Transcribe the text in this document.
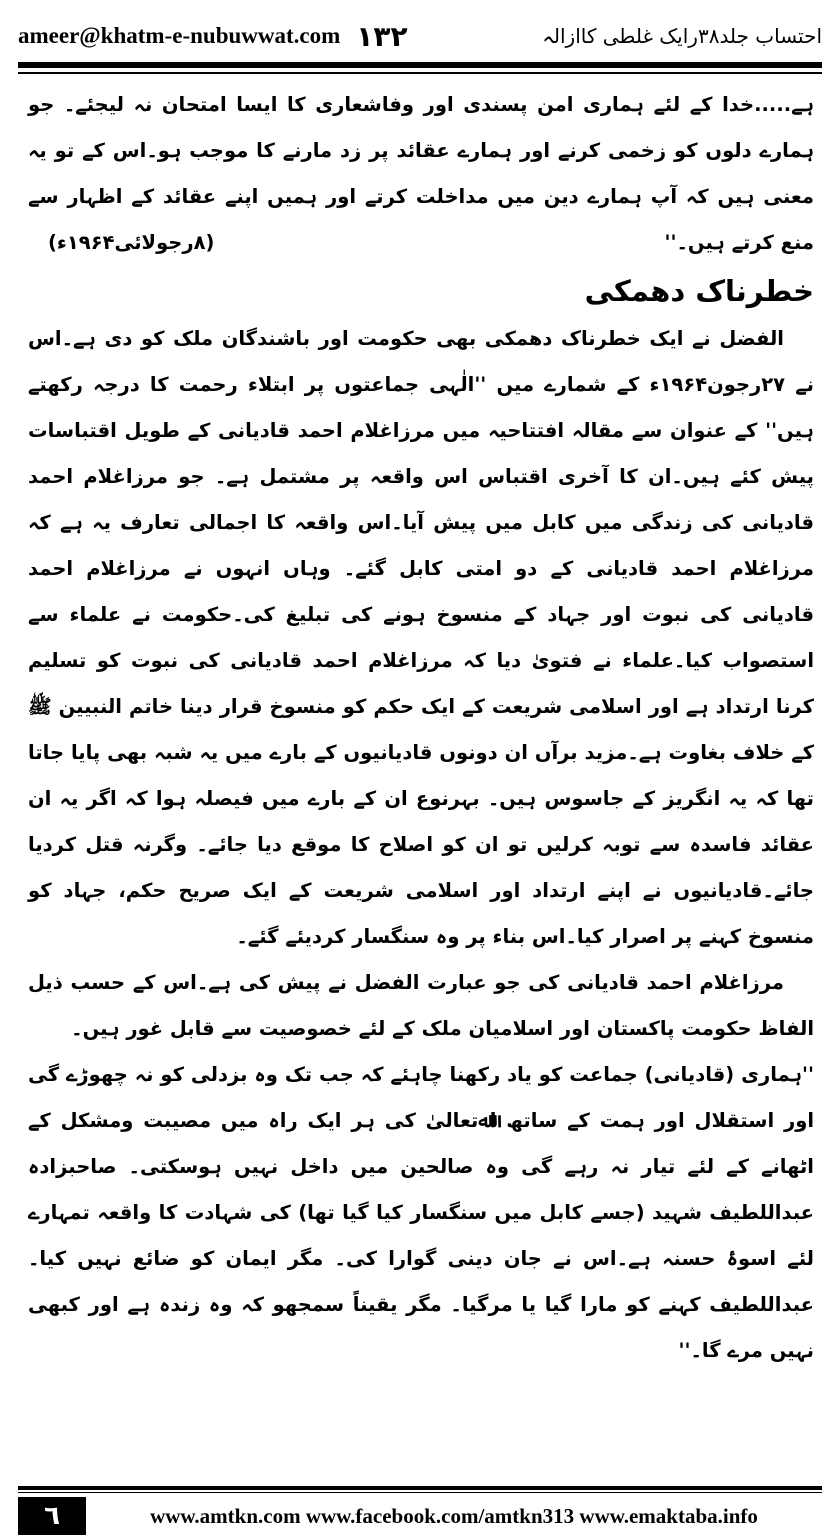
ameer@khatm-e-nubuwwat.com ۱۳۲	احتساب جلد۳۸رایک غلطی کاازالہ

ہے.....خدا کے لئے ہماری امن پسندی اور وفاشعاری کا ایسا امتحان نہ لیجئے۔ جو ہمارے دلوں کو زخمی کرنے اور ہمارے عقائد پر زد مارنے کا موجب ہو۔اس کے تو یہ معنی ہیں کہ آپ ہمارے دین میں مداخلت کرتے اور ہمیں اپنے عقائد کے اظہار سے منع کرتے ہیں۔''
(۸رجولائی۱۹۶۴ء)

خطرناک دھمکی

الفضل نے ایک خطرناک دھمکی بھی حکومت اور باشندگان ملک کو دی ہے۔اس نے ۲۷رجون۱۹۶۴ء کے شمارے میں ''الٰہی جماعتوں پر ابتلاء رحمت کا درجہ رکھتے ہیں'' کے عنوان سے مقالہ افتتاحیہ میں مرزاغلام احمد قادیانی کے طویل اقتباسات پیش کئے ہیں۔ان کا آخری اقتباس اس واقعہ پر مشتمل ہے۔ جو مرزاغلام احمد قادیانی کی زندگی میں کابل میں پیش آیا۔اس واقعہ کا اجمالی تعارف یہ ہے کہ مرزاغلام احمد قادیانی کے دو امتی کابل گئے۔ وہاں انہوں نے مرزاغلام احمد قادیانی کی نبوت اور جہاد کے منسوخ ہونے کی تبلیغ کی۔حکومت نے علماء سے استصواب کیا۔علماء نے فتویٰ دیا کہ مرزاغلام احمد قادیانی کی نبوت کو تسلیم کرنا ارتداد ہے اور اسلامی شریعت کے ایک حکم کو منسوخ قرار دینا خاتم النبیین ﷺ کے خلاف بغاوت ہے۔مزید برآں ان دونوں قادیانیوں کے بارے میں یہ شبہ بھی پایا جاتا تھا کہ یہ انگریز کے جاسوس ہیں۔ بہرنوع ان کے بارے میں فیصلہ ہوا کہ اگر یہ ان عقائد فاسدہ سے توبہ کرلیں تو ان کو اصلاح کا موقع دیا جائے۔ وگرنہ قتل کردیا جائے۔قادیانیوں نے اپنے ارتداد اور اسلامی شریعت کے ایک صریح حکم، جہاد کو منسوخ کہنے پر اصرار کیا۔اس بناء پر وہ سنگسار کردیئے گئے۔

مرزاغلام احمد قادیانی کی جو عبارت الفضل نے پیش کی ہے۔اس کے حسب ذیل الفاظ حکومت پاکستان اور اسلامیان ملک کے لئے خصوصیت سے قابل غور ہیں۔

''ہماری (قادیانی) جماعت کو یاد رکھنا چاہئے کہ جب تک وہ بزدلی کو نہ چھوڑے گی اور استقلال اور ہمت کے ساتھ اﷲتعالیٰ کی ہر ایک راہ میں مصیبت ومشکل کے اٹھانے کے لئے تیار نہ رہے گی وہ صالحین میں داخل نہیں ہوسکتی۔ صاحبزادہ عبداللطیف شہید (جسے کابل میں سنگسار کیا گیا تھا) کی شہادت کا واقعہ تمہارے لئے اسوۂ حسنہ ہے۔اس نے جان دینی گوارا کی۔ مگر ایمان کو ضائع نہیں کیا۔عبداللطیف کہنے کو مارا گیا یا مرگیا۔ مگر یقیناً سمجھو کہ وہ زندہ ہے اور کبھی نہیں مرے گا۔''

٦	www.amtkn.com www.facebook.com/amtkn313 www.emaktaba.info
